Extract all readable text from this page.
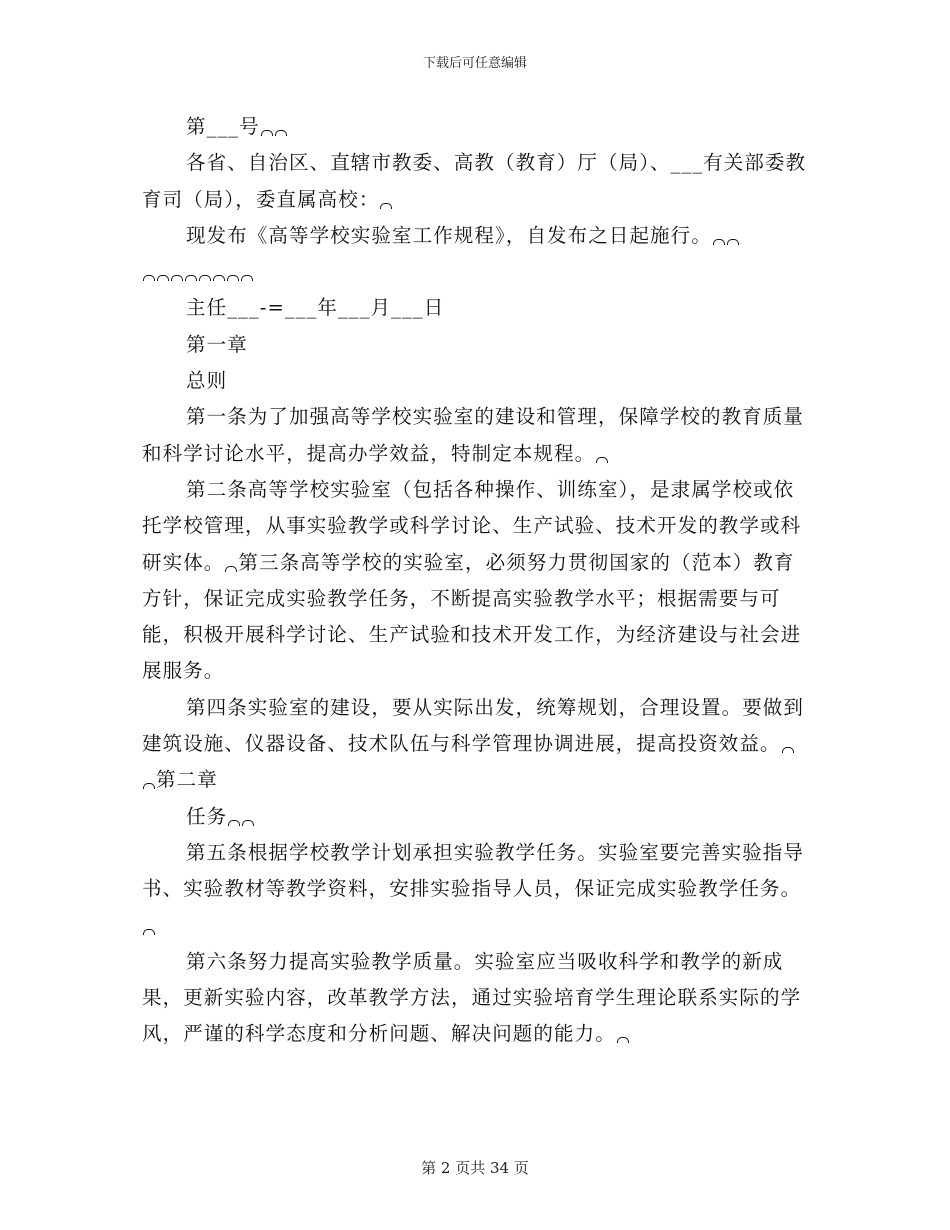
下载后可任意编辑

第___号

各省、自治区、直辖市教委、高教（教育）厅（局）、___有关部委教育司（局），委直属高校：

现发布《高等学校实验室工作规程》，自发布之日起施行。

主任___-=___年___月___日

第一章

总则

第一条为了加强高等学校实验室的建设和管理，保障学校的教育质量和科学讨论水平，提高办学效益，特制定本规程。

第二条高等学校实验室（包括各种操作、训练室），是隶属学校或依托学校管理，从事实验教学或科学讨论、生产试验、技术开发的教学或科研实体。 第三条高等学校的实验室，必须努力贯彻国家的（范本）教育方针，保证完成实验教学任务，不断提高实验教学水平；根据需要与可能，积极开展科学讨论、生产试验和技术开发工作，为经济建设与社会进展服务。

第四条实验室的建设，要从实际出发，统筹规划，合理设置。要做到建筑设施、仪器设备、技术队伍与科学管理协调进展，提高投资效益。第二章

任务

第五条根据学校教学计划承担实验教学任务。实验室要完善实验指导书、实验教材等教学资料，安排实验指导人员，保证完成实验教学任务。

第六条努力提高实验教学质量。实验室应当吸收科学和教学的新成果，更新实验内容，改革教学方法，通过实验培育学生理论联系实际的学风，严谨的科学态度和分析问题、解决问题的能力。

第 2 页共 34 页
